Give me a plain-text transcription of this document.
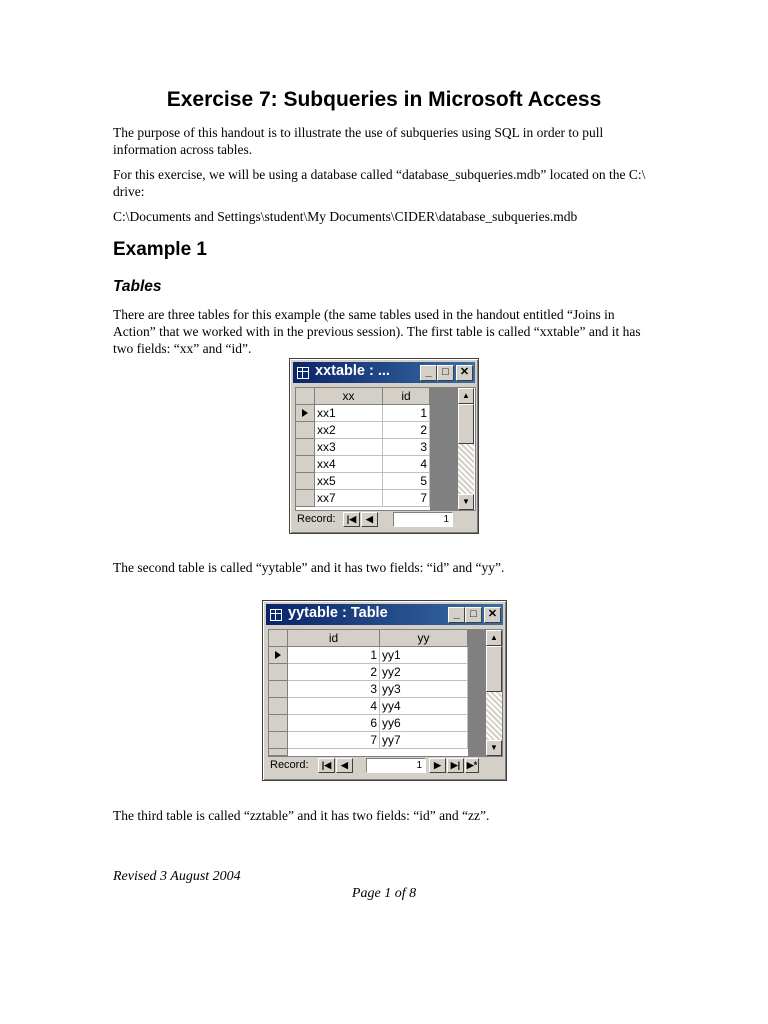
Exercise 7: Subqueries in Microsoft Access
The purpose of this handout is to illustrate the use of subqueries using SQL in order to pull information across tables.
For this exercise, we will be using a database called “database_subqueries.mdb” located on the C:\ drive:
C:\Documents and Settings\student\My Documents\CIDER\database_subqueries.mdb
Example 1
Tables
There are three tables for this example (the same tables used in the handout entitled “Joins in Action” that we worked with in the previous session). The first table is called “xxtable” and it has two fields: “xx” and “id”.
xxtable : ...	_ □	✕
xx	id
xx1	1
xx2	2
xx3	3
xx4	4
xx5	5
xx7	7
▲
▼
Record:	|◀	◀	1
The second table is called “yytable” and it has two fields: “id” and “yy”.
yytable : Table	_ □	✕
id	yy
1 yy1
2 yy2
3 yy3
4 yy4
6 yy6
7 yy7
▲
▼
Record:	|◀	◀	1	▶	▶| ▶*
The third table is called “zztable” and it has two fields: “id” and “zz”.
Revised 3 August 2004
Page 1 of 8
